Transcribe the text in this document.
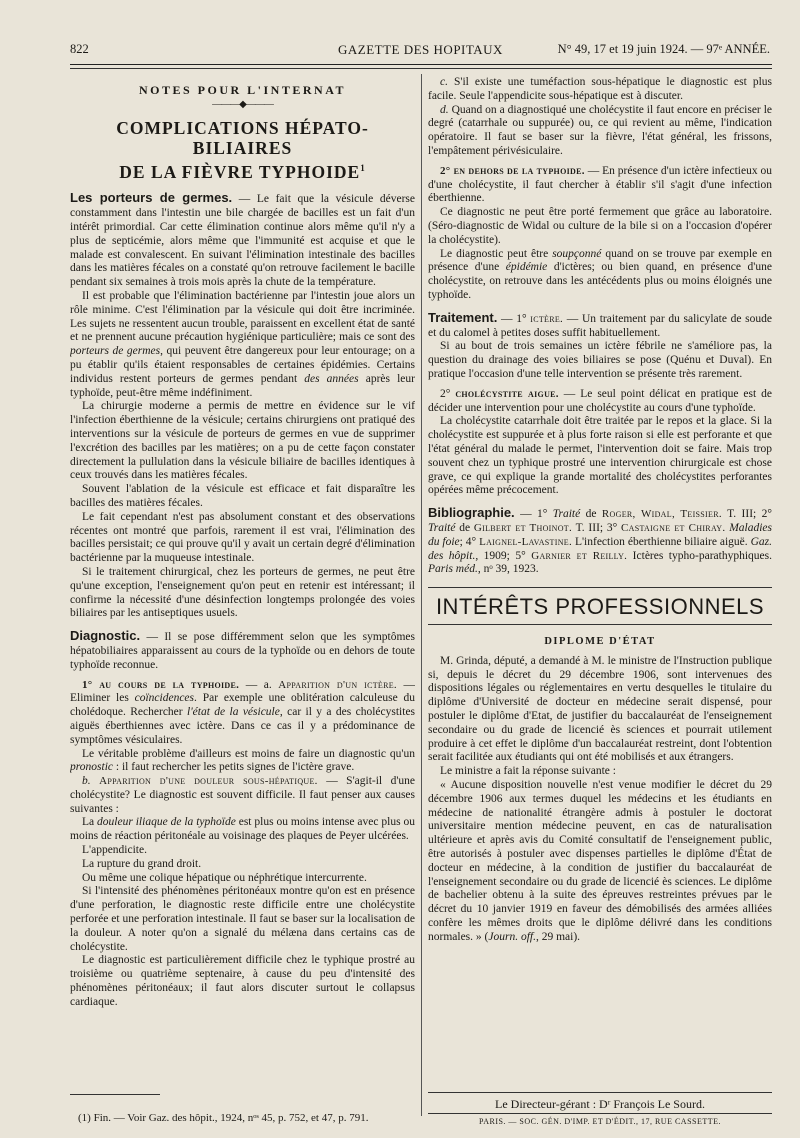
822	GAZETTE DES HOPITAUX	N° 49, 17 et 19 juin 1924. — 97ᵉ ANNÉE.
NOTES POUR L'INTERNAT
———◆———
COMPLICATIONS HÉPATO-BILIAIRES
DE LA FIÈVRE TYPHOIDE$^1$

Les porteurs de germes. — Le fait que la vésicule déverse constamment dans l'intestin une bile chargée de bacilles est un fait d'un intérêt primordial. Car cette élimination continue alors même qu'il n'y a plus de septicémie, alors même que l'immunité est acquise et que le malade est convalescent. En suivant l'élimination intestinale des bacilles dans les matières fécales on a constaté qu'on retrouve facilement le bacille pendant six semaines à trois mois après la chute de la température.

Il est probable que l'élimination bactérienne par l'intestin joue alors un rôle minime. C'est l'élimination par la vésicule qui doit être incriminée. Les sujets ne ressentent aucun trouble, paraissent en excellent état de santé et ne prennent aucune précaution hygiénique particulière; mais ce sont des porteurs de germes, qui peuvent être dangereux pour leur entourage; on a pu établir qu'ils étaient responsables de certaines épidémies. Certains individus restent porteurs de germes pendant des années après leur typhoïde, peut-être même indéfiniment.

La chirurgie moderne a permis de mettre en évidence sur le vif l'infection éberthienne de la vésicule; certains chirurgiens ont pratiqué des interventions sur la vésicule de porteurs de germes en vue de supprimer l'excrétion des bacilles par les matières; on a pu de cette façon constater directement la pullulation dans la vésicule biliaire de bacilles identiques à ceux trouvés dans les matières fécales.

Souvent l'ablation de la vésicule est efficace et fait disparaître les bacilles des matières fécales.

Le fait cependant n'est pas absolument constant et des observations récentes ont montré que parfois, rarement il est vrai, l'élimination des bacilles persistait; ce qui prouve qu'il y avait un certain degré d'élimination bactérienne par la muqueuse intestinale.

Si le traitement chirurgical, chez les porteurs de germes, ne peut être qu'une exception, l'enseignement qu'on peut en retenir est intéressant; il confirme la nécessité d'une désinfection longtemps prolongée des voies biliaires par les antiseptiques usuels.

Diagnostic. — Il se pose différemment selon que les symptômes hépatobiliaires apparaissent au cours de la typhoïde ou en dehors de toute typhoïde reconnue.

1° au cours de la typhoide. — a. Apparition d'un ictère. — Eliminer les coïncidences. Par exemple une oblitération calculeuse du cholédoque. Rechercher l'état de la vésicule, car il y a des cholécystites aiguës éberthiennes avec ictère. Dans ce cas il y a prédominance de symptômes vésiculaires.

Le véritable problème d'ailleurs est moins de faire un diagnostic qu'un pronostic : il faut rechercher les petits signes de l'ictère grave.

b. Apparition d'une douleur sous-hépatique. — S'agit-il d'une cholécystite? Le diagnostic est souvent difficile. Il faut penser aux causes suivantes :

La douleur iliaque de la typhoïde est plus ou moins intense avec plus ou moins de réaction péritonéale au voisinage des plaques de Peyer ulcérées.

L'appendicite.

La rupture du grand droit.

Ou même une colique hépatique ou néphrétique intercurrente.

Si l'intensité des phénomènes péritonéaux montre qu'on est en présence d'une perforation, le diagnostic reste difficile entre une cholécystite perforée et une perforation intestinale. Il faut se baser sur la localisation de la douleur. A noter qu'on a signalé du mélæna dans certains cas de cholécystite.

Le diagnostic est particulièrement difficile chez le typhique prostré au troisième ou quatrième septenaire, à cause du peu d'intensité des phénomènes péritonéaux; il faut alors discuter surtout le collapsus cardiaque.

(1) Fin. — Voir Gaz. des hôpit., 1924, nᵒˢ 45, p. 752, et 47, p. 791.

c. S'il existe une tuméfaction sous-hépatique le diagnostic est plus facile. Seule l'appendicite sous-hépatique est à discuter.

d. Quand on a diagnostiqué une cholécystite il faut encore en préciser le degré (catarrhale ou suppurée) ou, ce qui revient au même, l'indication opératoire. Il faut se baser sur la fièvre, l'état général, les frissons, l'empâtement périvésiculaire.

2° en dehors de la typhoide. — En présence d'un ictère infectieux ou d'une cholécystite, il faut chercher à établir s'il s'agit d'une infection éberthienne.

Ce diagnostic ne peut être porté fermement que grâce au laboratoire. (Séro-diagnostic de Widal ou culture de la bile si on a l'occasion d'opérer la cholécystite).

Le diagnostic peut être soupçonné quand on se trouve par exemple en présence d'une épidémie d'ictères; ou bien quand, en présence d'une cholécystite, on retrouve dans les antécédents plus ou moins éloignés une typhoïde.

Traitement. — 1° ictère. — Un traitement par du salicylate de soude et du calomel à petites doses suffit habituellement.

Si au bout de trois semaines un ictère fébrile ne s'améliore pas, la question du drainage des voies biliaires se pose (Quénu et Duval). En pratique l'occasion d'une telle intervention se présente très rarement.

2° cholécystite aigue. — Le seul point délicat en pratique est de décider une intervention pour une cholécystite au cours d'une typhoïde.

La cholécystite catarrhale doit être traitée par le repos et la glace. Si la cholécystite est suppurée et à plus forte raison si elle est perforante et que l'état général du malade le permet, l'intervention doit se faire. Mais trop souvent chez un typhique prostré une intervention chirurgicale est chose grave, ce qui explique la grande mortalité des cholécystites perforantes opérées même précocement.

Bibliographie. — 1° Traité de Roger, Widal, Teissier. T. III; 2° Traité de Gilbert et Thoinot. T. III; 3° Castaigne et Chiray. Maladies du foie; 4° Laignel-Lavastine. L'infection éberthienne biliaire aiguë. Gaz. des hôpit., 1909; 5° Garnier et Reilly. Ictères typho-parathyphiques. Paris méd., nᵒ 39, 1923.

INTÉRÊTS PROFESSIONNELS
DIPLOME D'ÉTAT

M. Grinda, député, a demandé à M. le ministre de l'Instruction publique si, depuis le décret du 29 décembre 1906, sont intervenues des dispositions légales ou réglementaires en vertu desquelles le titulaire du diplôme d'Université de docteur en médecine serait dispensé, pour postuler le diplôme d'Etat, de justifier du baccalauréat de l'enseignement secondaire ou du grade de licencié ès sciences et pourrait utilement produire à cet effet le diplôme d'un baccalauréat restreint, dont l'obtention serait facilitée aux étudiants qui ont été mobilisés et aux étrangers.

Le ministre a fait la réponse suivante :

« Aucune disposition nouvelle n'est venue modifier le décret du 29 décembre 1906 aux termes duquel les médecins et les étudiants en médecine de nationalité étrangère admis à postuler le doctorat universitaire mention médecine peuvent, en cas de naturalisation ultérieure et après avis du Comité consultatif de l'enseignement public, être autorisés à postuler avec dispenses partielles le diplôme d'État de docteur en médecine, à la condition de justifier du baccalauréat de l'enseignement secondaire ou du grade de licencié ès sciences. Le diplôme de bachelier obtenu à la suite des épreuves restreintes prévues par le décret du 10 janvier 1919 en faveur des démobilisés des armées alliées confère les mêmes droits que le diplôme délivré dans les conditions normales. » (Journ. off., 29 mai).

Le Directeur-gérant : Dʳ François Le Sourd.
PARIS. — SOC. GÉN. D'IMP. ET D'ÉDIT., 17, RUE CASSETTE.
